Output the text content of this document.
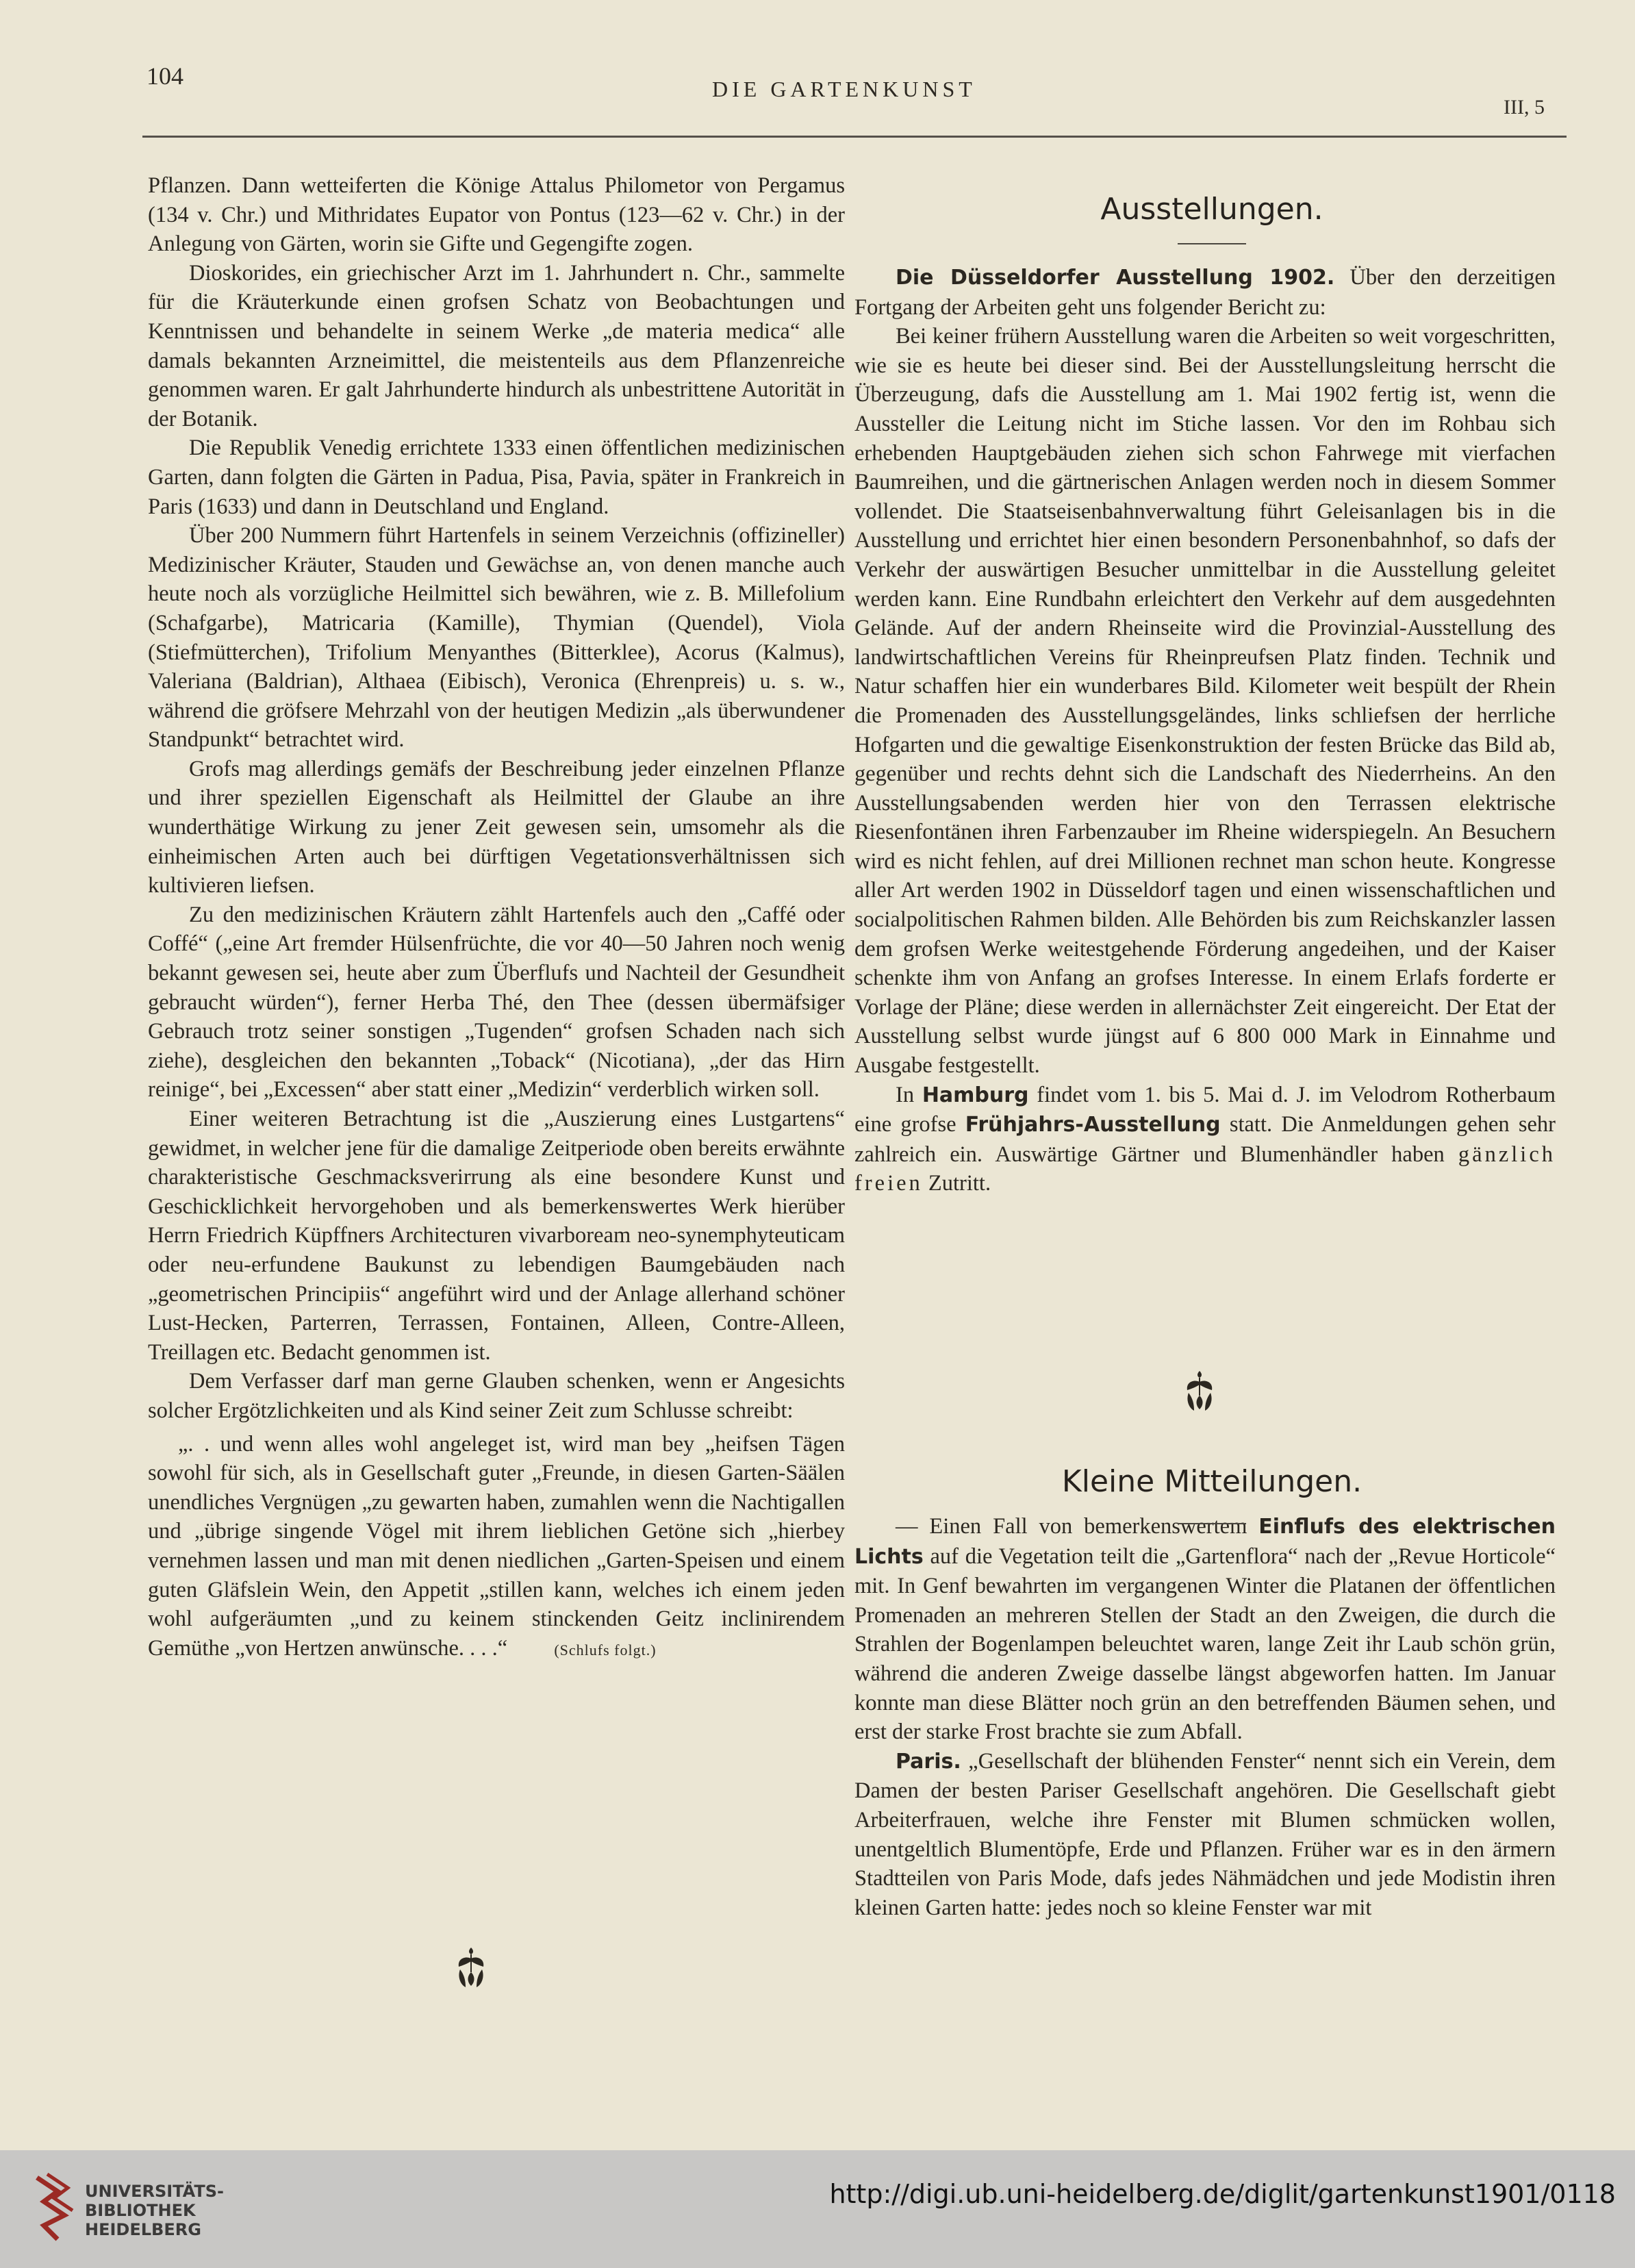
104	DIE GARTENKUNST
III, 5

Pflanzen. Dann wetteiferten die Könige Attalus Philometor von Pergamus (134 v. Chr.) und Mithridates Eupator von Pontus (123—62 v. Chr.) in der Anlegung von Gärten, worin sie Gifte und Gegengifte zogen.

Dioskorides, ein griechischer Arzt im 1. Jahrhundert n. Chr., sammelte für die Kräuterkunde einen grofsen Schatz von Beobachtungen und Kenntnissen und behandelte in seinem Werke „de materia medica“ alle damals bekannten Arzneimittel, die meistenteils aus dem Pflanzenreiche genommen waren. Er galt Jahrhunderte hindurch als unbestrittene Autorität in der Botanik.

Die Republik Venedig errichtete 1333 einen öffentlichen medizinischen Garten, dann folgten die Gärten in Padua, Pisa, Pavia, später in Frankreich in Paris (1633) und dann in Deutschland und England.

Über 200 Nummern führt Hartenfels in seinem Verzeichnis (offizineller) Medizinischer Kräuter, Stauden und Gewächse an, von denen manche auch heute noch als vorzügliche Heilmittel sich bewähren, wie z. B. Millefolium (Schafgarbe), Matricaria (Kamille), Thymian (Quendel), Viola (Stiefmütterchen), Trifolium Menyanthes (Bitterklee), Acorus (Kalmus), Valeriana (Baldrian), Althaea (Eibisch), Veronica (Ehrenpreis) u. s. w., während die gröfsere Mehrzahl von der heutigen Medizin „als überwundener Standpunkt“ betrachtet wird.

Grofs mag allerdings gemäfs der Beschreibung jeder einzelnen Pflanze und ihrer speziellen Eigenschaft als Heilmittel der Glaube an ihre wunderthätige Wirkung zu jener Zeit gewesen sein, umsomehr als die einheimischen Arten auch bei dürftigen Vegetationsverhältnissen sich kultivieren liefsen.

Zu den medizinischen Kräutern zählt Hartenfels auch den „Caffé oder Coffé“ („eine Art fremder Hülsenfrüchte, die vor 40—50 Jahren noch wenig bekannt gewesen sei, heute aber zum Überflufs und Nachteil der Gesundheit gebraucht würden“), ferner Herba Thé, den Thee (dessen übermäfsiger Gebrauch trotz seiner sonstigen „Tugenden“ grofsen Schaden nach sich ziehe), desgleichen den bekannten „Toback“ (Nicotiana), „der das Hirn reinige“, bei „Excessen“ aber statt einer „Medizin“ verderblich wirken soll.

Einer weiteren Betrachtung ist die „Auszierung eines Lustgartens“ gewidmet, in welcher jene für die damalige Zeitperiode oben bereits erwähnte charakteristische Geschmacksverirrung als eine besondere Kunst und Geschicklichkeit hervorgehoben und als bemerkenswertes Werk hierüber Herrn Friedrich Küpffners Architecturen vivarboream neo-synemphyteuticam oder neu-erfundene Baukunst zu lebendigen Baumgebäuden nach „geometrischen Principiis“ angeführt wird und der Anlage allerhand schöner Lust-Hecken, Parterren, Terrassen, Fontainen, Alleen, Contre-Alleen, Treillagen etc. Bedacht genommen ist.

Dem Verfasser darf man gerne Glauben schenken, wenn er Angesichts solcher Ergötzlichkeiten und als Kind seiner Zeit zum Schlusse schreibt:

„. . und wenn alles wohl angeleget ist, wird man bey „heifsen Tägen sowohl für sich, als in Gesellschaft guter „Freunde, in diesen Garten-Säälen unendliches Vergnügen „zu gewarten haben, zumahlen wenn die Nachtigallen und „übrige singende Vögel mit ihrem lieblichen Getöne sich „hierbey vernehmen lassen und man mit denen niedlichen „Garten-Speisen und einem guten Gläfslein Wein, den Appetit „stillen kann, welches ich einem jeden wohl aufgeräumten „und zu keinem stinckenden Geitz inclinirendem Gemüthe „von Hertzen anwünsche. . . .“	(Schlufs folgt.)

Ausstellungen.

Die Düsseldorfer Ausstellung 1902. Über den derzeitigen Fortgang der Arbeiten geht uns folgender Bericht zu:

Bei keiner frühern Ausstellung waren die Arbeiten so weit vorgeschritten, wie sie es heute bei dieser sind. Bei der Ausstellungsleitung herrscht die Überzeugung, dafs die Ausstellung am 1. Mai 1902 fertig ist, wenn die Aussteller die Leitung nicht im Stiche lassen. Vor den im Rohbau sich erhebenden Hauptgebäuden ziehen sich schon Fahrwege mit vierfachen Baumreihen, und die gärtnerischen Anlagen werden noch in diesem Sommer vollendet. Die Staatseisenbahnverwaltung führt Geleisanlagen bis in die Ausstellung und errichtet hier einen besondern Personenbahnhof, so dafs der Verkehr der auswärtigen Besucher unmittelbar in die Ausstellung geleitet werden kann. Eine Rundbahn erleichtert den Verkehr auf dem ausgedehnten Gelände. Auf der andern Rheinseite wird die Provinzial-Ausstellung des landwirtschaftlichen Vereins für Rheinpreufsen Platz finden. Technik und Natur schaffen hier ein wunderbares Bild. Kilometer weit bespült der Rhein die Promenaden des Ausstellungsgeländes, links schliefsen der herrliche Hofgarten und die gewaltige Eisenkonstruktion der festen Brücke das Bild ab, gegenüber und rechts dehnt sich die Landschaft des Niederrheins. An den Ausstellungsabenden werden hier von den Terrassen elektrische Riesenfontänen ihren Farbenzauber im Rheine widerspiegeln. An Besuchern wird es nicht fehlen, auf drei Millionen rechnet man schon heute. Kongresse aller Art werden 1902 in Düsseldorf tagen und einen wissenschaftlichen und socialpolitischen Rahmen bilden. Alle Behörden bis zum Reichskanzler lassen dem grofsen Werke weitestgehende Förderung angedeihen, und der Kaiser schenkte ihm von Anfang an grofses Interesse. In einem Erlafs forderte er Vorlage der Pläne; diese werden in allernächster Zeit eingereicht. Der Etat der Ausstellung selbst wurde jüngst auf 6 800 000 Mark in Einnahme und Ausgabe festgestellt.

In Hamburg findet vom 1. bis 5. Mai d. J. im Velodrom Rotherbaum eine grofse Frühjahrs-Ausstellung statt. Die Anmeldungen gehen sehr zahlreich ein. Auswärtige Gärtner und Blumenhändler haben gänzlich freien Zutritt.

— Einen Fall von bemerkenswertem Einflufs des elektrischen Lichts auf die Vegetation teilt die „Gartenflora“ nach der „Revue Horticole“ mit. In Genf bewahrten im vergangenen Winter die Platanen der öffentlichen Promenaden an mehreren Stellen der Stadt an den Zweigen, die durch die Strahlen der Bogenlampen beleuchtet waren, lange Zeit ihr Laub schön grün, während die anderen Zweige dasselbe längst abgeworfen hatten. Im Januar konnte man diese Blätter noch grün an den betreffenden Bäumen sehen, und erst der starke Frost brachte sie zum Abfall.

Paris. „Gesellschaft der blühenden Fenster“ nennt sich ein Verein, dem Damen der besten Pariser Gesellschaft angehören. Die Gesellschaft giebt Arbeiterfrauen, welche ihre Fenster mit Blumen schmücken wollen, unentgeltlich Blumentöpfe, Erde und Pflanzen. Früher war es in den ärmern Stadtteilen von Paris Mode, dafs jedes Nähmädchen und jede Modistin ihren kleinen Garten hatte: jedes noch so kleine Fenster war mit

Kleine Mitteilungen.
UNIVERSITÄTS-
BIBLIOTHEK
HEIDELBERG
http://digi.ub.uni-heidelberg.de/diglit/gartenkunst1901/0118
